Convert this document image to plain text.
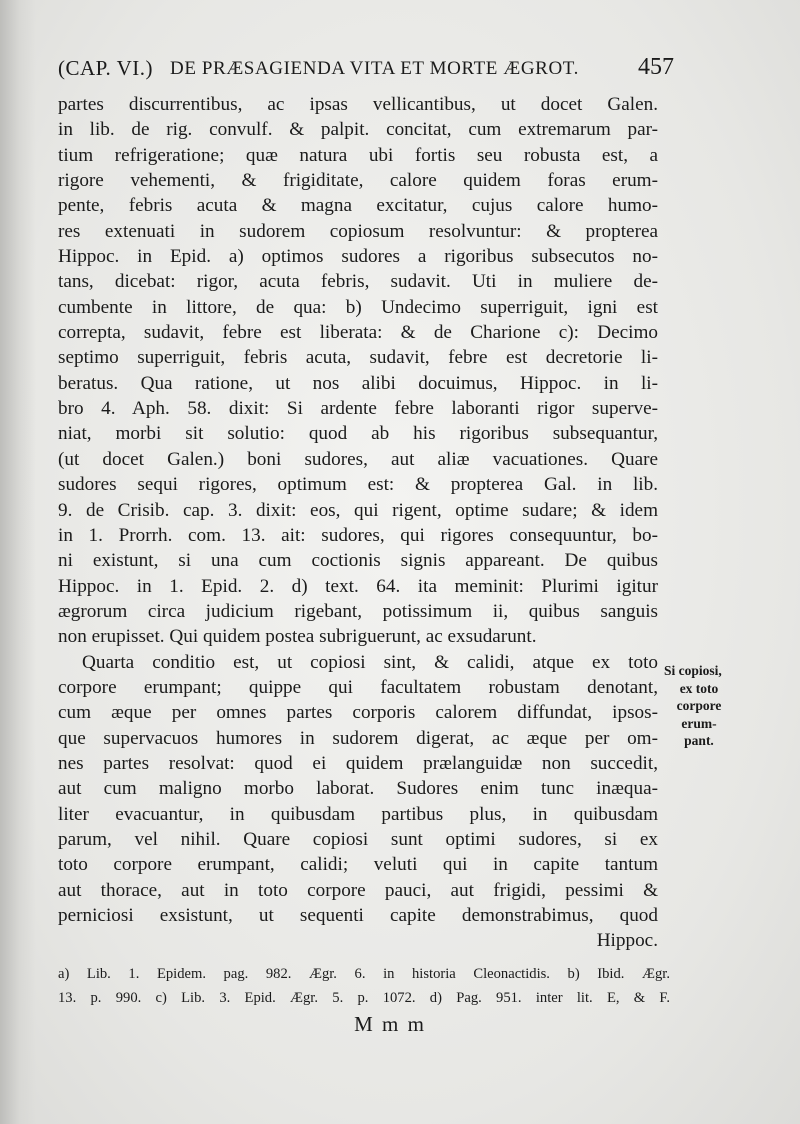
(CAP. VI.) DE PRÆSAGIENDA VITA ET MORTE ÆGROT. 457
partes discurrentibus, ac ipsas vellicantibus, ut docet Galen.
in lib. de rig. convulf. & palpit. concitat, cum extremarum par-
tium refrigeratione; quæ natura ubi fortis seu robusta est, a
rigore vehementi, & frigiditate, calore quidem foras erum-
pente, febris acuta & magna excitatur, cujus calore humo-
res extenuati in sudorem copiosum resolvuntur: & propterea
Hippoc. in Epid. a) optimos sudores a rigoribus subsecutos no-
tans, dicebat: rigor, acuta febris, sudavit. Uti in muliere de-
cumbente in littore, de qua: b) Undecimo superriguit, igni est
correpta, sudavit, febre est liberata: & de Charione c): Decimo
septimo superriguit, febris acuta, sudavit, febre est decretorie li-
beratus. Qua ratione, ut nos alibi docuimus, Hippoc. in li-
bro 4. Aph. 58. dixit: Si ardente febre laboranti rigor superve-
niat, morbi sit solutio: quod ab his rigoribus subsequantur,
(ut docet Galen.) boni sudores, aut aliæ vacuationes. Quare
sudores sequi rigores, optimum est: & propterea Gal. in lib.
9. de Crisib. cap. 3. dixit: eos, qui rigent, optime sudare; & idem
in 1. Prorrh. com. 13. ait: sudores, qui rigores consequuntur, bo-
ni existunt, si una cum coctionis signis appareant. De quibus
Hippoc. in 1. Epid. 2. d) text. 64. ita meminit: Plurimi igitur
ægrorum circa judicium rigebant, potissimum ii, quibus sanguis
non erupisset. Qui quidem postea subriguerunt, ac exsudarunt.
Quarta conditio est, ut copiosi sint, & calidi, atque ex toto
corpore erumpant; quippe qui facultatem robustam denotant,
cum æque per omnes partes corporis calorem diffundat, ipsos-
que supervacuos humores in sudorem digerat, ac æque per om-
nes partes resolvat: quod ei quidem prælanguidæ non succedit,
aut cum maligno morbo laborat. Sudores enim tunc inæqua-
liter evacuantur, in quibusdam partibus plus, in quibusdam
parum, vel nihil. Quare copiosi sunt optimi sudores, si ex
toto corpore erumpant, calidi; veluti qui in capite tantum
aut thorace, aut in toto corpore pauci, aut frigidi, pessimi &
perniciosi exsistunt, ut sequenti capite demonstrabimus, quod
Hippoc.
Si copiosi,
ex toto
corpore
erum-
pant.
a) Lib. 1. Epidem. pag. 982. Ægr. 6. in historia Cleonactidis. b) Ibid. Ægr.
13. p. 990. c) Lib. 3. Epid. Ægr. 5. p. 1072. d) Pag. 951. inter lit. E, & F.
M m m
